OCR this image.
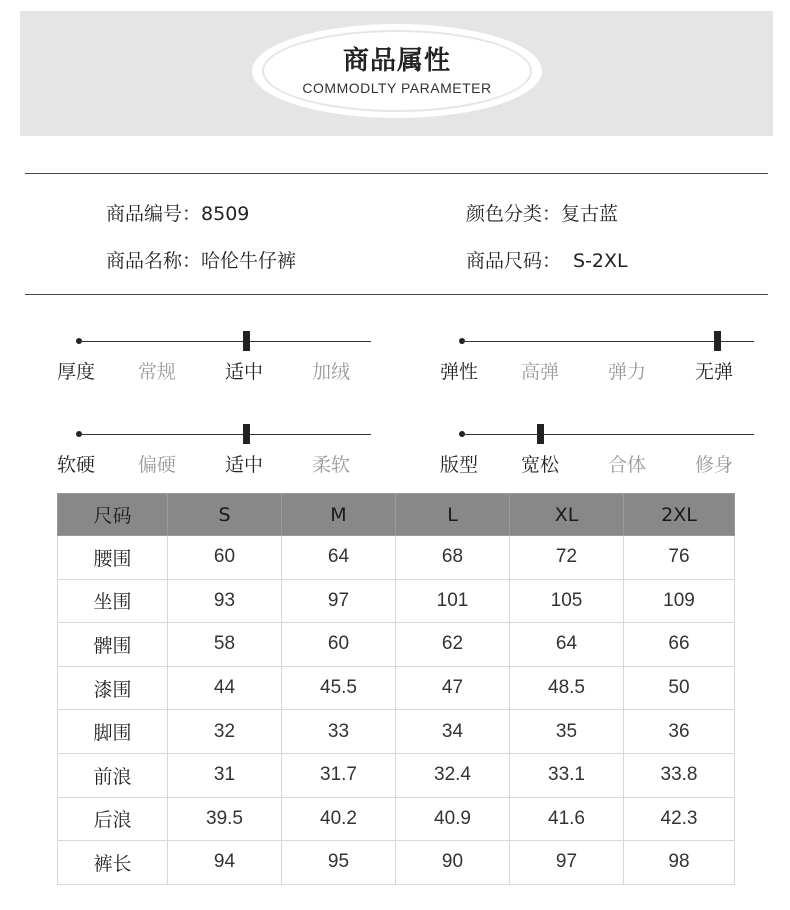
商品属性
COMMODLTY PARAMETER
商品编号：8509	颜色分类：复古蓝
商品名称：哈伦牛仔裤	商品尺码： S-2XL
厚度 常规	适中	加绒	弹性 高弹	弹力	无弹
软硬 偏硬	适中	柔软	版型 宽松	合体	修身
尺码	S	M	L	XL	2XL
腰围	60	64	68	72	76
坐围	93	97	101	105	109
髀围	58	60	62	64	66
漆围	44	45.5	47	48.5	50
脚围	32	33	34	35	36
前浪	31	31.7	32.4	33.1	33.8
后浪	39.5	40.2	40.9	41.6	42.3
裤长	94	95	90	97	98
